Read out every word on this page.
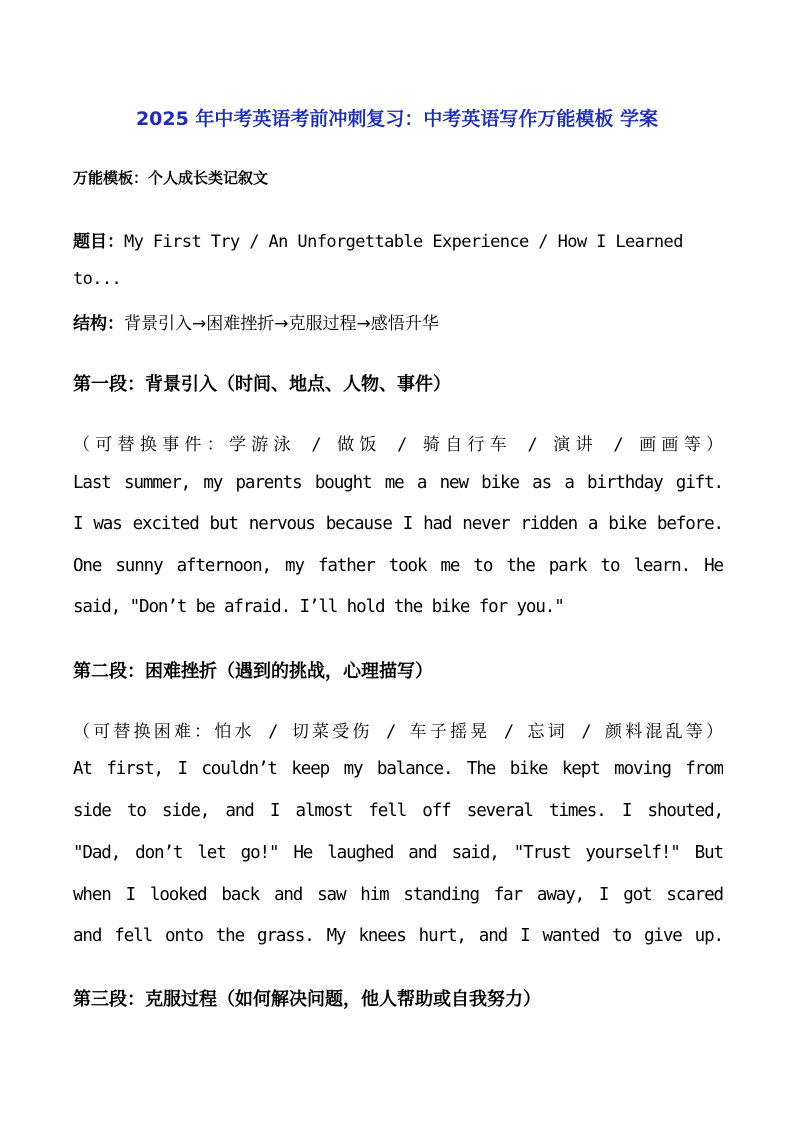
2025 年中考英语考前冲刺复习：中考英语写作万能模板 学案
万能模板：个人成长类记叙文
题目：My First Try / An Unforgettable Experience / How I Learned
to...
结构：背景引入→困难挫折→克服过程→感悟升华
第一段：背景引入（时间、地点、人物、事件）
（可替换事件：学游泳 / 做饭 / 骑自行车 / 演讲 / 画画等）
Last summer, my parents bought me a new bike as a birthday gift.
I was excited but nervous because I had never ridden a bike before.
One sunny afternoon, my father took me to the park to learn. He
said, "Don’t be afraid. I’ll hold the bike for you."
第二段：困难挫折（遇到的挑战，心理描写）
（可替换困难：怕水 / 切菜受伤 / 车子摇晃 / 忘词 / 颜料混乱等）
At first, I couldn’t keep my balance. The bike kept moving from
side to side, and I almost fell off several times. I shouted,
"Dad, don’t let go!" He laughed and said, "Trust yourself!" But
when I looked back and saw him standing far away, I got scared
and fell onto the grass. My knees hurt, and I wanted to give up.
第三段：克服过程（如何解决问题，他人帮助或自我努力）
